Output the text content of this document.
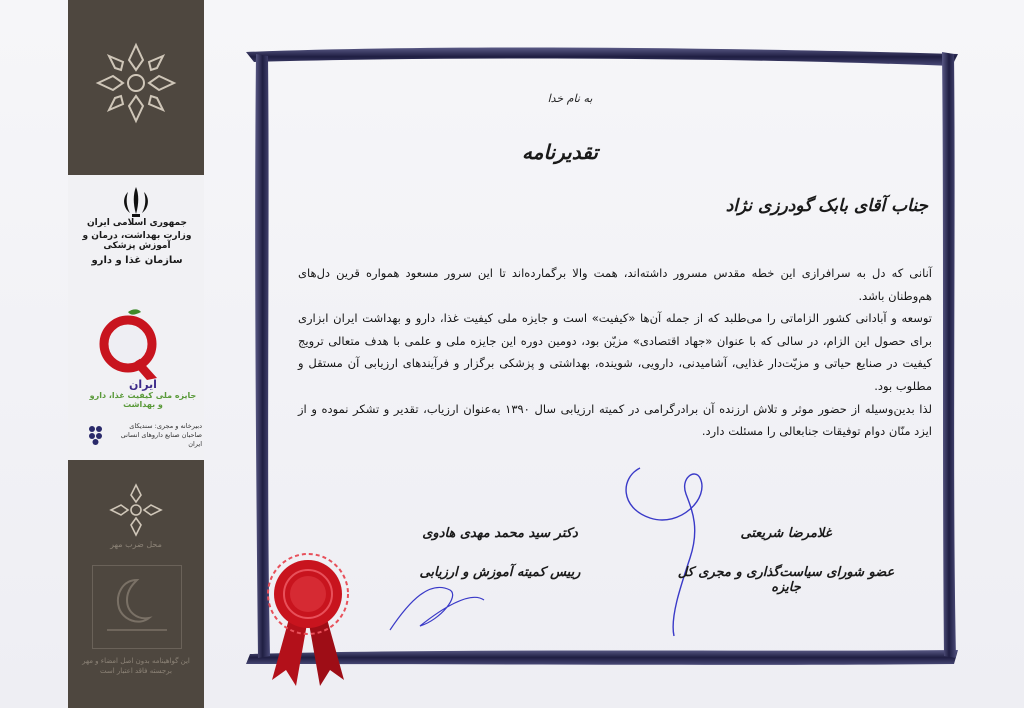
جمهوری اسلامی ایران
وزارت بهداشت، درمان و آموزش پزشکی
سازمان غذا و دارو
ایران
جایزه ملی کیفیت غذا، دارو و بهداشت
دبیرخانه و مجری: سندیکای صاحبان صنایع داروهای انسانی ایران
محل ضرب مهر
این گواهینامه بدون اصل امضاء و مهر برجسته فاقد اعتبار است
به نام خدا
تقدیرنامه
جناب آقای بابک گودرزی نژاد

آنانی که دل به سرافرازی این خطه مقدس مسرور داشته‌اند، همت والا برگمارده‌اند تا این سرور مسعود همواره قرین دل‌های هم‌وطنان باشد.

توسعه و آبادانی کشور الزاماتی را می‌طلبد که از جمله آن‌ها «کیفیت» است و جایزه ملی کیفیت غذا، دارو و بهداشت ایران ابزاری برای حصول این الزام، در سالی که با عنوان «جهاد اقتصادی» مزیّن بود، دومین دوره این جایزه ملی و علمی با هدف متعالی ترویج کیفیت در صنایع حیاتی و مزیّت‌دار غذایی، آشامیدنی، دارویی، شوینده، بهداشتی و پزشکی برگزار و فرآیندهای ارزیابی آن مستقل و مطلوب بود.

لذا بدین‌وسیله از حضور موثر و تلاش ارزنده آن برادرگرامی در کمیته ارزیابی سال ۱۳۹۰ به‌عنوان ارزیاب، تقدیر و تشکر نموده و از ایزد منّان دوام توفیقات جنابعالی را مسئلت دارد.

دکتر سید محمد مهدی هادوی
رییس کمیته آموزش و ارزیابی
غلامرضا شریعتی
عضو شورای سیاست‌گذاری و مجری کل جایزه
